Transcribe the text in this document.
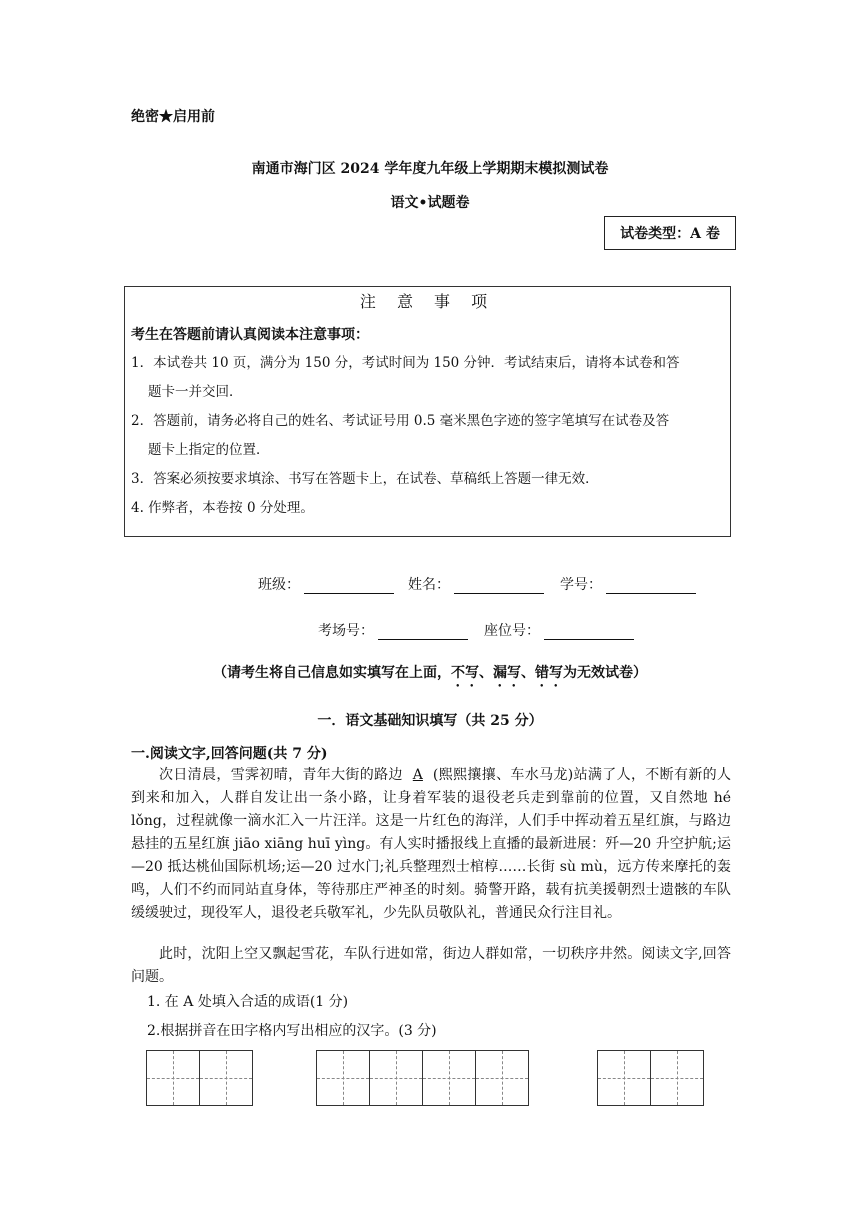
绝密★启用前
南通市海门区 2024 学年度九年级上学期期末模拟测试卷
语文•试题卷
试卷类型：A 卷
注 意 事 项
考生在答题前请认真阅读本注意事项：
1．本试卷共 10 页，满分为 150 分，考试时间为 150 分钟．考试结束后，请将本试卷和答
题卡一并交回．
2．答题前，请务必将自己的姓名、考试证号用 0.5 毫米黑色字迹的签字笔填写在试卷及答
题卡上指定的位置．
3．答案必须按要求填涂、书写在答题卡上，在试卷、草稿纸上答题一律无效．
4. 作弊者，本卷按 0 分处理。
班级：	姓名：	学号：
考场号：	座位号：
（请考生将自己信息如实填写在上面，不写、漏写、错写为无效试卷）
一．语文基础知识填写（共 25 分）
一.阅读文字,回答问题(共 7 分)
次日清晨，雪霁初晴，青年大街的路边 A (熙熙攘攘、车水马龙)站满了人，不断有新的人到来和加入，人群自发让出一条小路，让身着军装的退役老兵走到靠前的位置，又自然地 hé lǒng，过程就像一滴水汇入一片汪洋。这是一片红色的海洋，人们手中挥动着五星红旗，与路边悬挂的五星红旗 jiāo xiāng huī yìng。有人实时播报线上直播的最新进展：歼—20 升空护航;运—20 抵达桃仙国际机场;运—20 过水门;礼兵整理烈士棺椁……长街 sù mù，远方传来摩托的轰鸣，人们不约而同站直身体，等待那庄严神圣的时刻。骑警开路，载有抗美援朝烈士遗骸的车队缓缓驶过，现役军人，退役老兵敬军礼，少先队员敬队礼，普通民众行注目礼。
此时，沈阳上空又飘起雪花，车队行进如常，街边人群如常，一切秩序井然。阅读文字,回答问题。
1. 在 A 处填入合适的成语(1 分)
2.根据拼音在田字格内写出相应的汉字。(3 分)
